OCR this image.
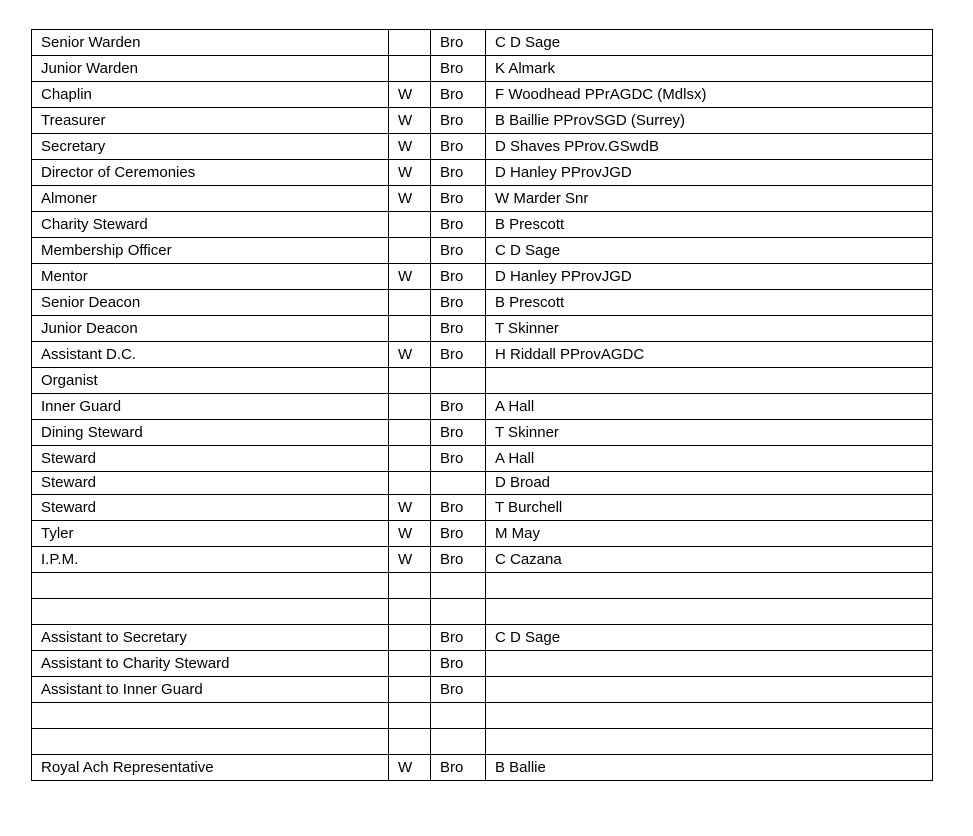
Senior Warden		Bro	C D Sage
Junior Warden		Bro	K Almark
Chaplin	W	Bro	F Woodhead PPrAGDC (Mdlsx)
Treasurer	W	Bro	B Baillie PProvSGD (Surrey)
Secretary	W	Bro	D Shaves PProv.GSwdB
Director of Ceremonies	W	Bro	D Hanley PProvJGD
Almoner	W	Bro	W Marder Snr
Charity Steward		Bro	B Prescott
Membership Officer		Bro	C D Sage
Mentor	W	Bro	D Hanley PProvJGD
Senior Deacon		Bro	B Prescott
Junior Deacon		Bro	T Skinner
Assistant D.C.	W	Bro	H Riddall PProvAGDC
Organist			
Inner Guard		Bro	A Hall
Dining Steward		Bro	T Skinner
Steward		Bro	A Hall
Steward			D Broad
Steward	W	Bro	T Burchell
Tyler	W	Bro	M May
I.P.M.	W	Bro	C Cazana

Assistant to Secretary		Bro	C D Sage
Assistant to Charity Steward		Bro	
Assistant to Inner Guard		Bro	

Royal Ach Representative	W	Bro	B Ballie
